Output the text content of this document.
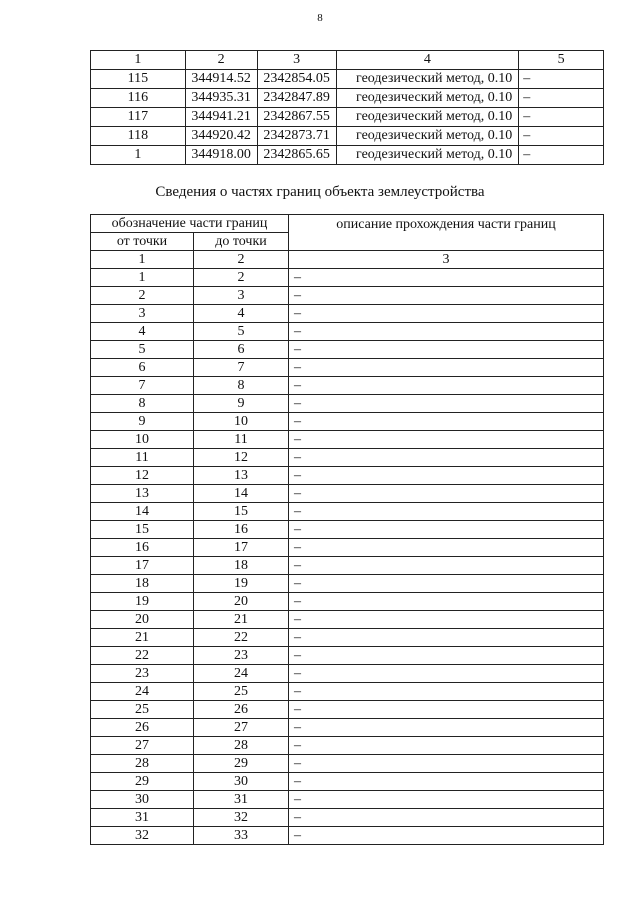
8
1	2	3	4	5
115	344914.52	2342854.05	геодезический метод, 0.10	–
116	344935.31	2342847.89	геодезический метод, 0.10	–
117	344941.21	2342867.55	геодезический метод, 0.10	–
118	344920.42	2342873.71	геодезический метод, 0.10	–
1	344918.00	2342865.65	геодезический метод, 0.10	–
Сведения о частях границ объекта землеустройства
обозначение части границ		описание прохождения части границ
от точки	до точки	
1	2	3
1	2	–
2	3	–
3	4	–
4	5	–
5	6	–
6	7	–
7	8	–
8	9	–
9	10	–
10	11	–
11	12	–
12	13	–
13	14	–
14	15	–
15	16	–
16	17	–
17	18	–
18	19	–
19	20	–
20	21	–
21	22	–
22	23	–
23	24	–
24	25	–
25	26	–
26	27	–
27	28	–
28	29	–
29	30	–
30	31	–
31	32	–
32	33	–
